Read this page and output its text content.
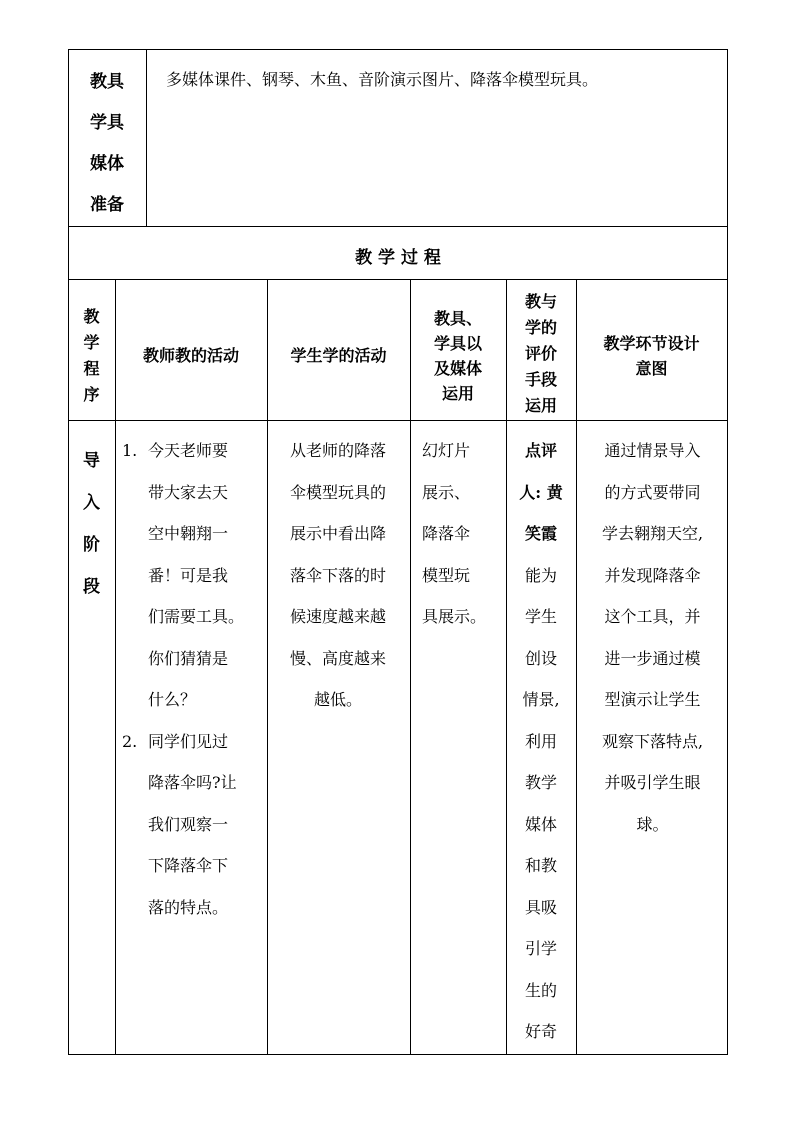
教具
学具
媒体
准备
多媒体课件、钢琴、木鱼、音阶演示图片、降落伞模型玩具。
教 学 过 程
教
学
程
序
教师教的活动	学生学的活动
教具、
学具以
及媒体
运用
教与
学的
评价
手段
运用
教学环节设计
意图
导
入
阶
段
1. 今天老师要
带大家去天
空中翱翔一
番！可是我
们需要工具。
你们猜猜是
什么？
2. 同学们见过
降落伞吗?让
我们观察一
下降落伞下
落的特点。
从老师的降落
伞模型玩具的
展示中看出降
落伞下落的时
候速度越来越
慢、高度越来
越低。
幻灯片
展示、
降落伞
模型玩
具展示。
点评
人: 黄
笑霞
能为
学生
创设
情景,
利用
教学
媒体
和教
具吸
引学
生的
好奇
通过情景导入
的方式要带同
学去翱翔天空,
并发现降落伞
这个工具，并
进一步通过模
型演示让学生
观察下落特点,
并吸引学生眼
球。
